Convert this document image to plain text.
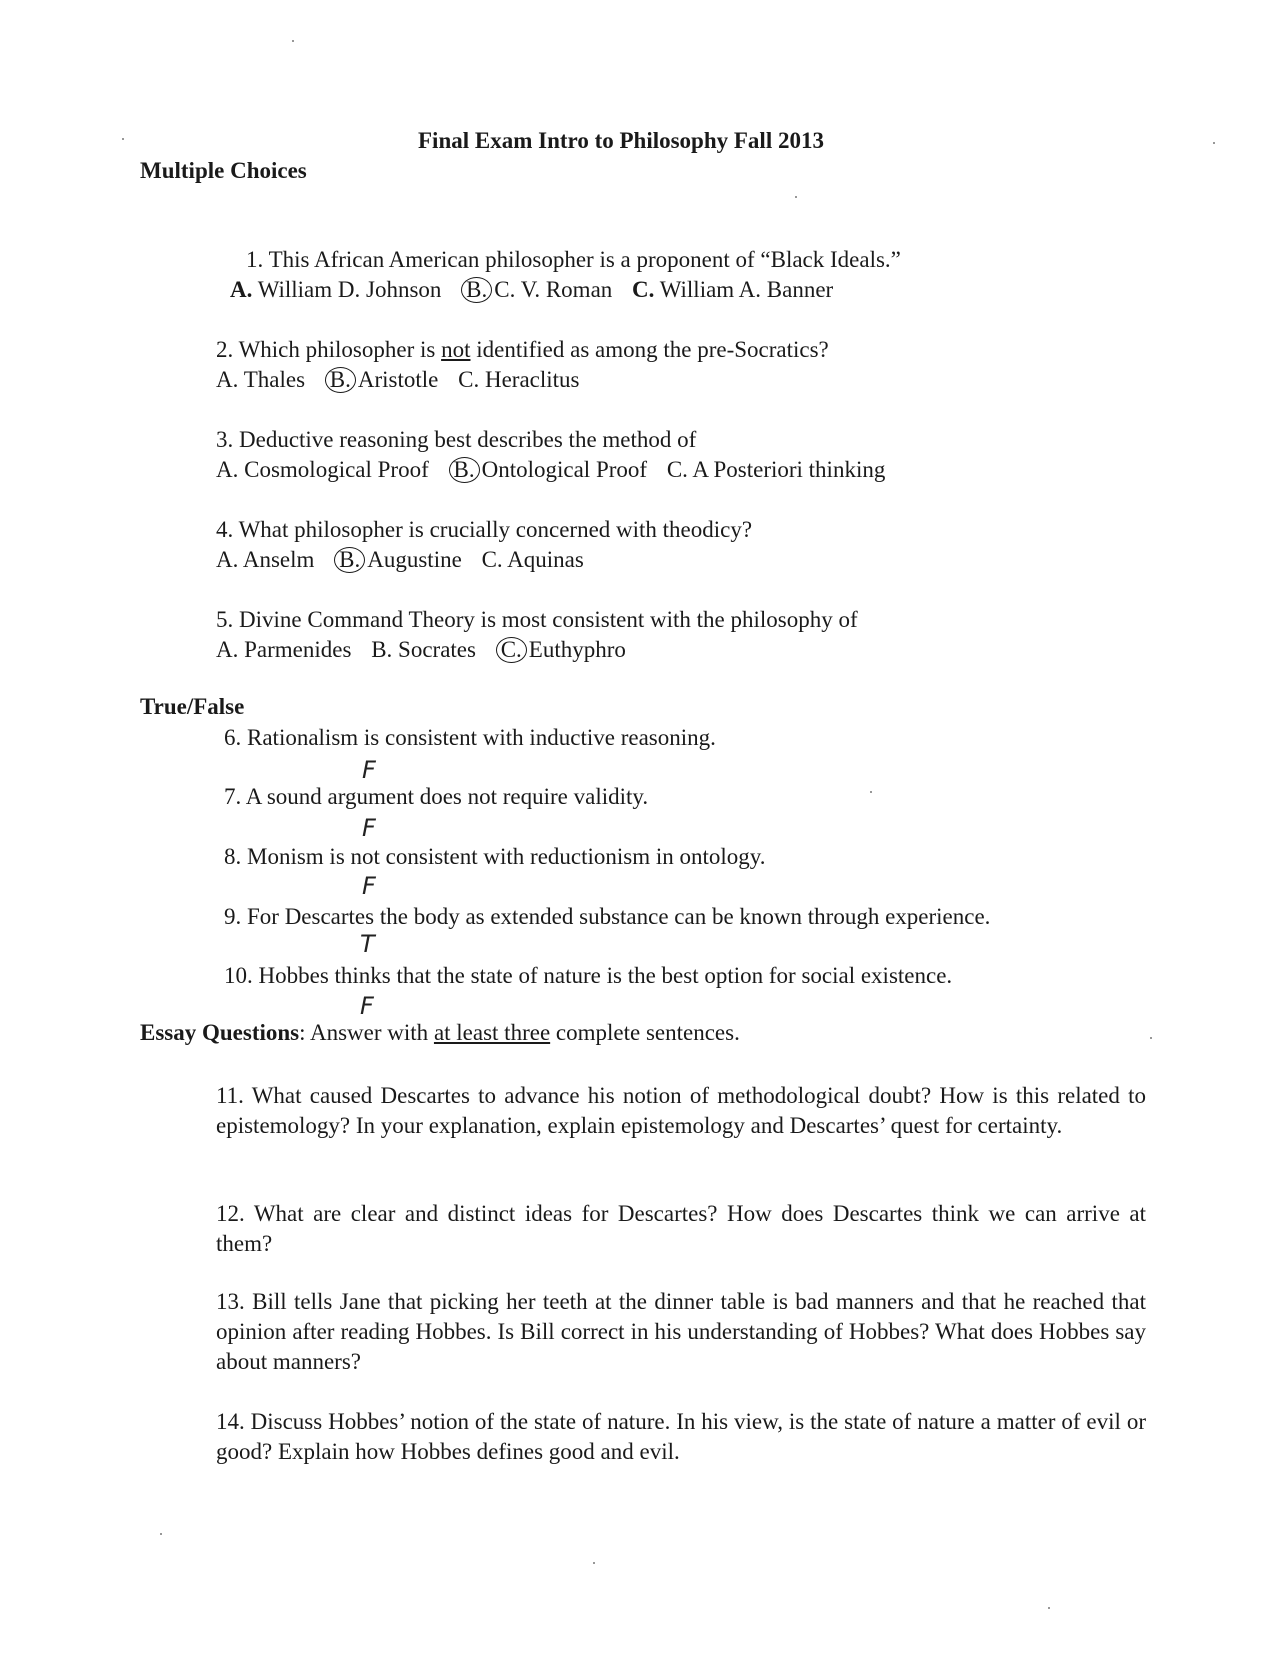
Final Exam Intro to Philosophy Fall 2013
Multiple Choices
1. This African American philosopher is a proponent of “Black Ideals.”
A. William D. Johnson B. C. V. Roman C. William A. Banner
2. Which philosopher is not identified as among the pre-Socratics?
A. Thales B. Aristotle C. Heraclitus
3. Deductive reasoning best describes the method of
A. Cosmological Proof B. Ontological Proof C. A Posteriori thinking
4. What philosopher is crucially concerned with theodicy?
A. Anselm B. Augustine C. Aquinas
5. Divine Command Theory is most consistent with the philosophy of
A. Parmenides B. Socrates C. Euthyphro
True/False
6. Rationalism is consistent with inductive reasoning.
F
7. A sound argument does not require validity.
F
8. Monism is not consistent with reductionism in ontology.
F
9. For Descartes the body as extended substance can be known through experience.
T
10. Hobbes thinks that the state of nature is the best option for social existence.
F
Essay Questions: Answer with at least three complete sentences.
11. What caused Descartes to advance his notion of methodological doubt? How is this related to epistemology? In your explanation, explain epistemology and Descartes’ quest for certainty.
12. What are clear and distinct ideas for Descartes? How does Descartes think we can arrive at them?
13. Bill tells Jane that picking her teeth at the dinner table is bad manners and that he reached that opinion after reading Hobbes. Is Bill correct in his understanding of Hobbes? What does Hobbes say about manners?
14. Discuss Hobbes’ notion of the state of nature. In his view, is the state of nature a matter of evil or good? Explain how Hobbes defines good and evil.
